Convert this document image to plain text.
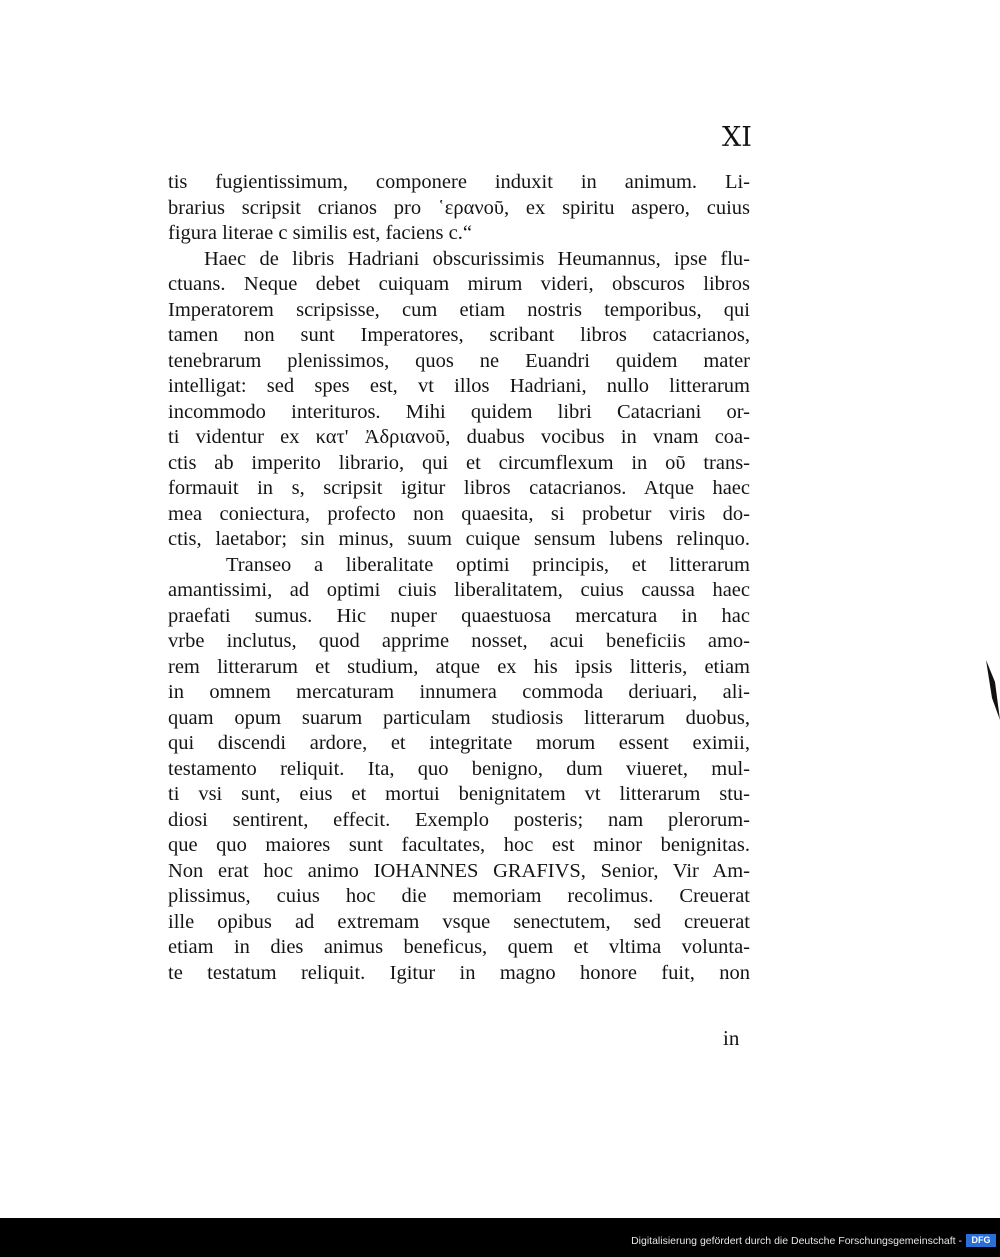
XI
tis fugientissimum, componere induxit in animum. Li-
brarius scripsit crianos pro ῾ερανοῦ, ex spiritu aspero, cuius
figura literae c similis est, faciens c.“
Haec de libris Hadriani obscurissimis Heumannus, ipse flu-
ctuans. Neque debet cuiquam mirum videri, obscuros libros
Imperatorem scripsisse, cum etiam nostris temporibus, qui
tamen non sunt Imperatores, scribant libros catacrianos,
tenebrarum plenissimos, quos ne Euandri quidem mater
intelligat: sed spes est, vt illos Hadriani, nullo litterarum
incommodo interituros. Mihi quidem libri Catacriani or-
ti videntur ex κατ' Ἀδριανοῦ, duabus vocibus in vnam coa-
ctis ab imperito librario, qui et circumflexum in οῦ trans-
formauit in s, scripsit igitur libros catacrianos. Atque haec
mea coniectura, profecto non quaesita, si probetur viris do-
ctis, laetabor; sin minus, suum cuique sensum lubens relinquo.
Transeo a liberalitate optimi principis, et litterarum
amantissimi, ad optimi ciuis liberalitatem, cuius caussa haec
praefati sumus. Hic nuper quaestuosa mercatura in hac
vrbe inclutus, quod apprime nosset, acui beneficiis amo-
rem litterarum et studium, atque ex his ipsis litteris, etiam
in omnem mercaturam innumera commoda deriuari, ali-
quam opum suarum particulam studiosis litterarum duobus,
qui discendi ardore, et integritate morum essent eximii,
testamento reliquit. Ita, quo benigno, dum viueret, mul-
ti vsi sunt, eius et mortui benignitatem vt litterarum stu-
diosi sentirent, effecit. Exemplo posteris; nam plerorum-
que quo maiores sunt facultates, hoc est minor benignitas.
Non erat hoc animo IOHANNES GRAFIVS, Senior, Vir Am-
plissimus, cuius hoc die memoriam recolimus. Creuerat
ille opibus ad extremam vsque senectutem, sed creuerat
etiam in dies animus beneficus, quem et vltima volunta-
te testatum reliquit. Igitur in magno honore fuit, non
in
Digitalisierung gefördert durch die Deutsche Forschungsgemeinschaft -	DFG
